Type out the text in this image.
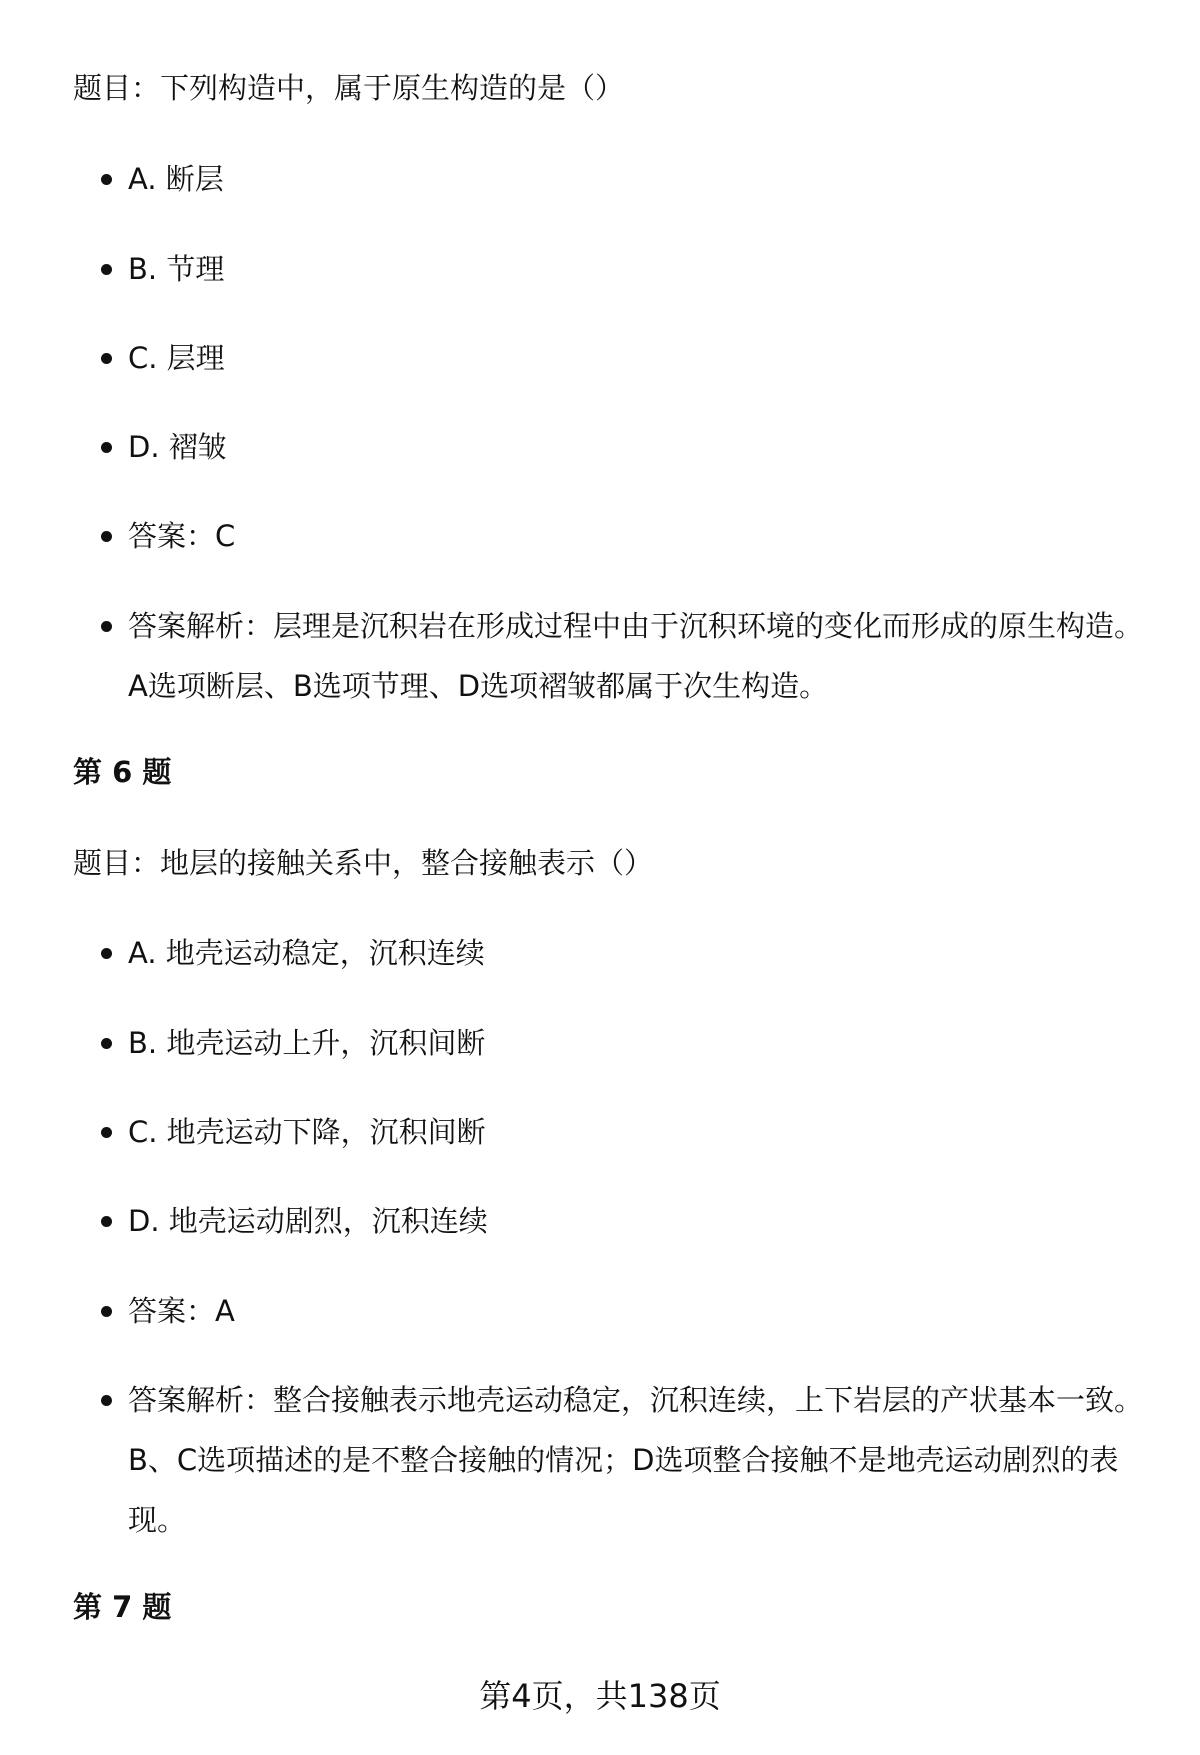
题目：下列构造中，属于原生构造的是（）
A. 断层
B. 节理
C. 层理
D. 褶皱
答案：C
答案解析：层理是沉积岩在形成过程中由于沉积环境的变化而形成的原生构造。A选项断层、B选项节理、D选项褶皱都属于次生构造。
第 6 题
题目：地层的接触关系中，整合接触表示（）
A. 地壳运动稳定，沉积连续
B. 地壳运动上升，沉积间断
C. 地壳运动下降，沉积间断
D. 地壳运动剧烈，沉积连续
答案：A
答案解析：整合接触表示地壳运动稳定，沉积连续，上下岩层的产状基本一致。B、C选项描述的是不整合接触的情况；D选项整合接触不是地壳运动剧烈的表现。
第 7 题
第4页，共138页
